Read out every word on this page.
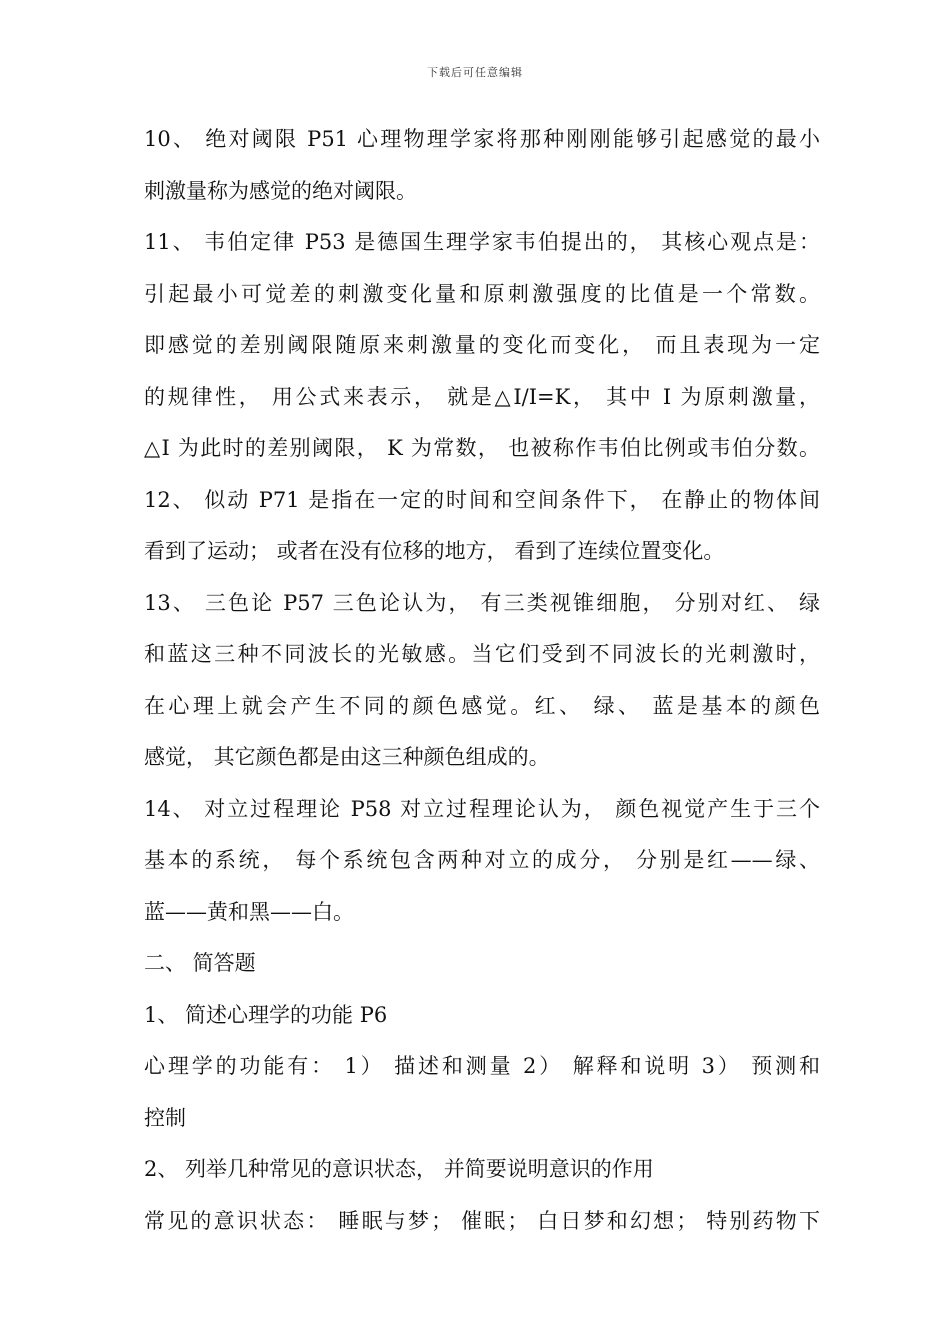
下载后可任意编辑
10、 绝对阈限 P51 心理物理学家将那种刚刚能够引起感觉的最小
刺激量称为感觉的绝对阈限。
11、 韦伯定律 P53 是德国生理学家韦伯提出的， 其核心观点是：
引起最小可觉差的刺激变化量和原刺激强度的比值是一个常数。
即感觉的差别阈限随原来刺激量的变化而变化， 而且表现为一定
的规律性， 用公式来表示， 就是△I/I=K， 其中 I 为原刺激量，
△I 为此时的差别阈限， K 为常数， 也被称作韦伯比例或韦伯分数。
12、 似动 P71 是指在一定的时间和空间条件下， 在静止的物体间
看到了运动； 或者在没有位移的地方， 看到了连续位置变化。
13、 三色论 P57 三色论认为， 有三类视锥细胞， 分别对红、 绿
和蓝这三种不同波长的光敏感。当它们受到不同波长的光刺激时，
在心理上就会产生不同的颜色感觉。红、 绿、 蓝是基本的颜色
感觉， 其它颜色都是由这三种颜色组成的。
14、 对立过程理论 P58 对立过程理论认为， 颜色视觉产生于三个
基本的系统， 每个系统包含两种对立的成分， 分别是红——绿、
蓝——黄和黑——白。
二、 简答题
1、 简述心理学的功能 P6
心理学的功能有： 1） 描述和测量 2） 解释和说明 3） 预测和
控制
2、 列举几种常见的意识状态， 并简要说明意识的作用
常见的意识状态： 睡眠与梦； 催眠； 白日梦和幻想； 特别药物下
